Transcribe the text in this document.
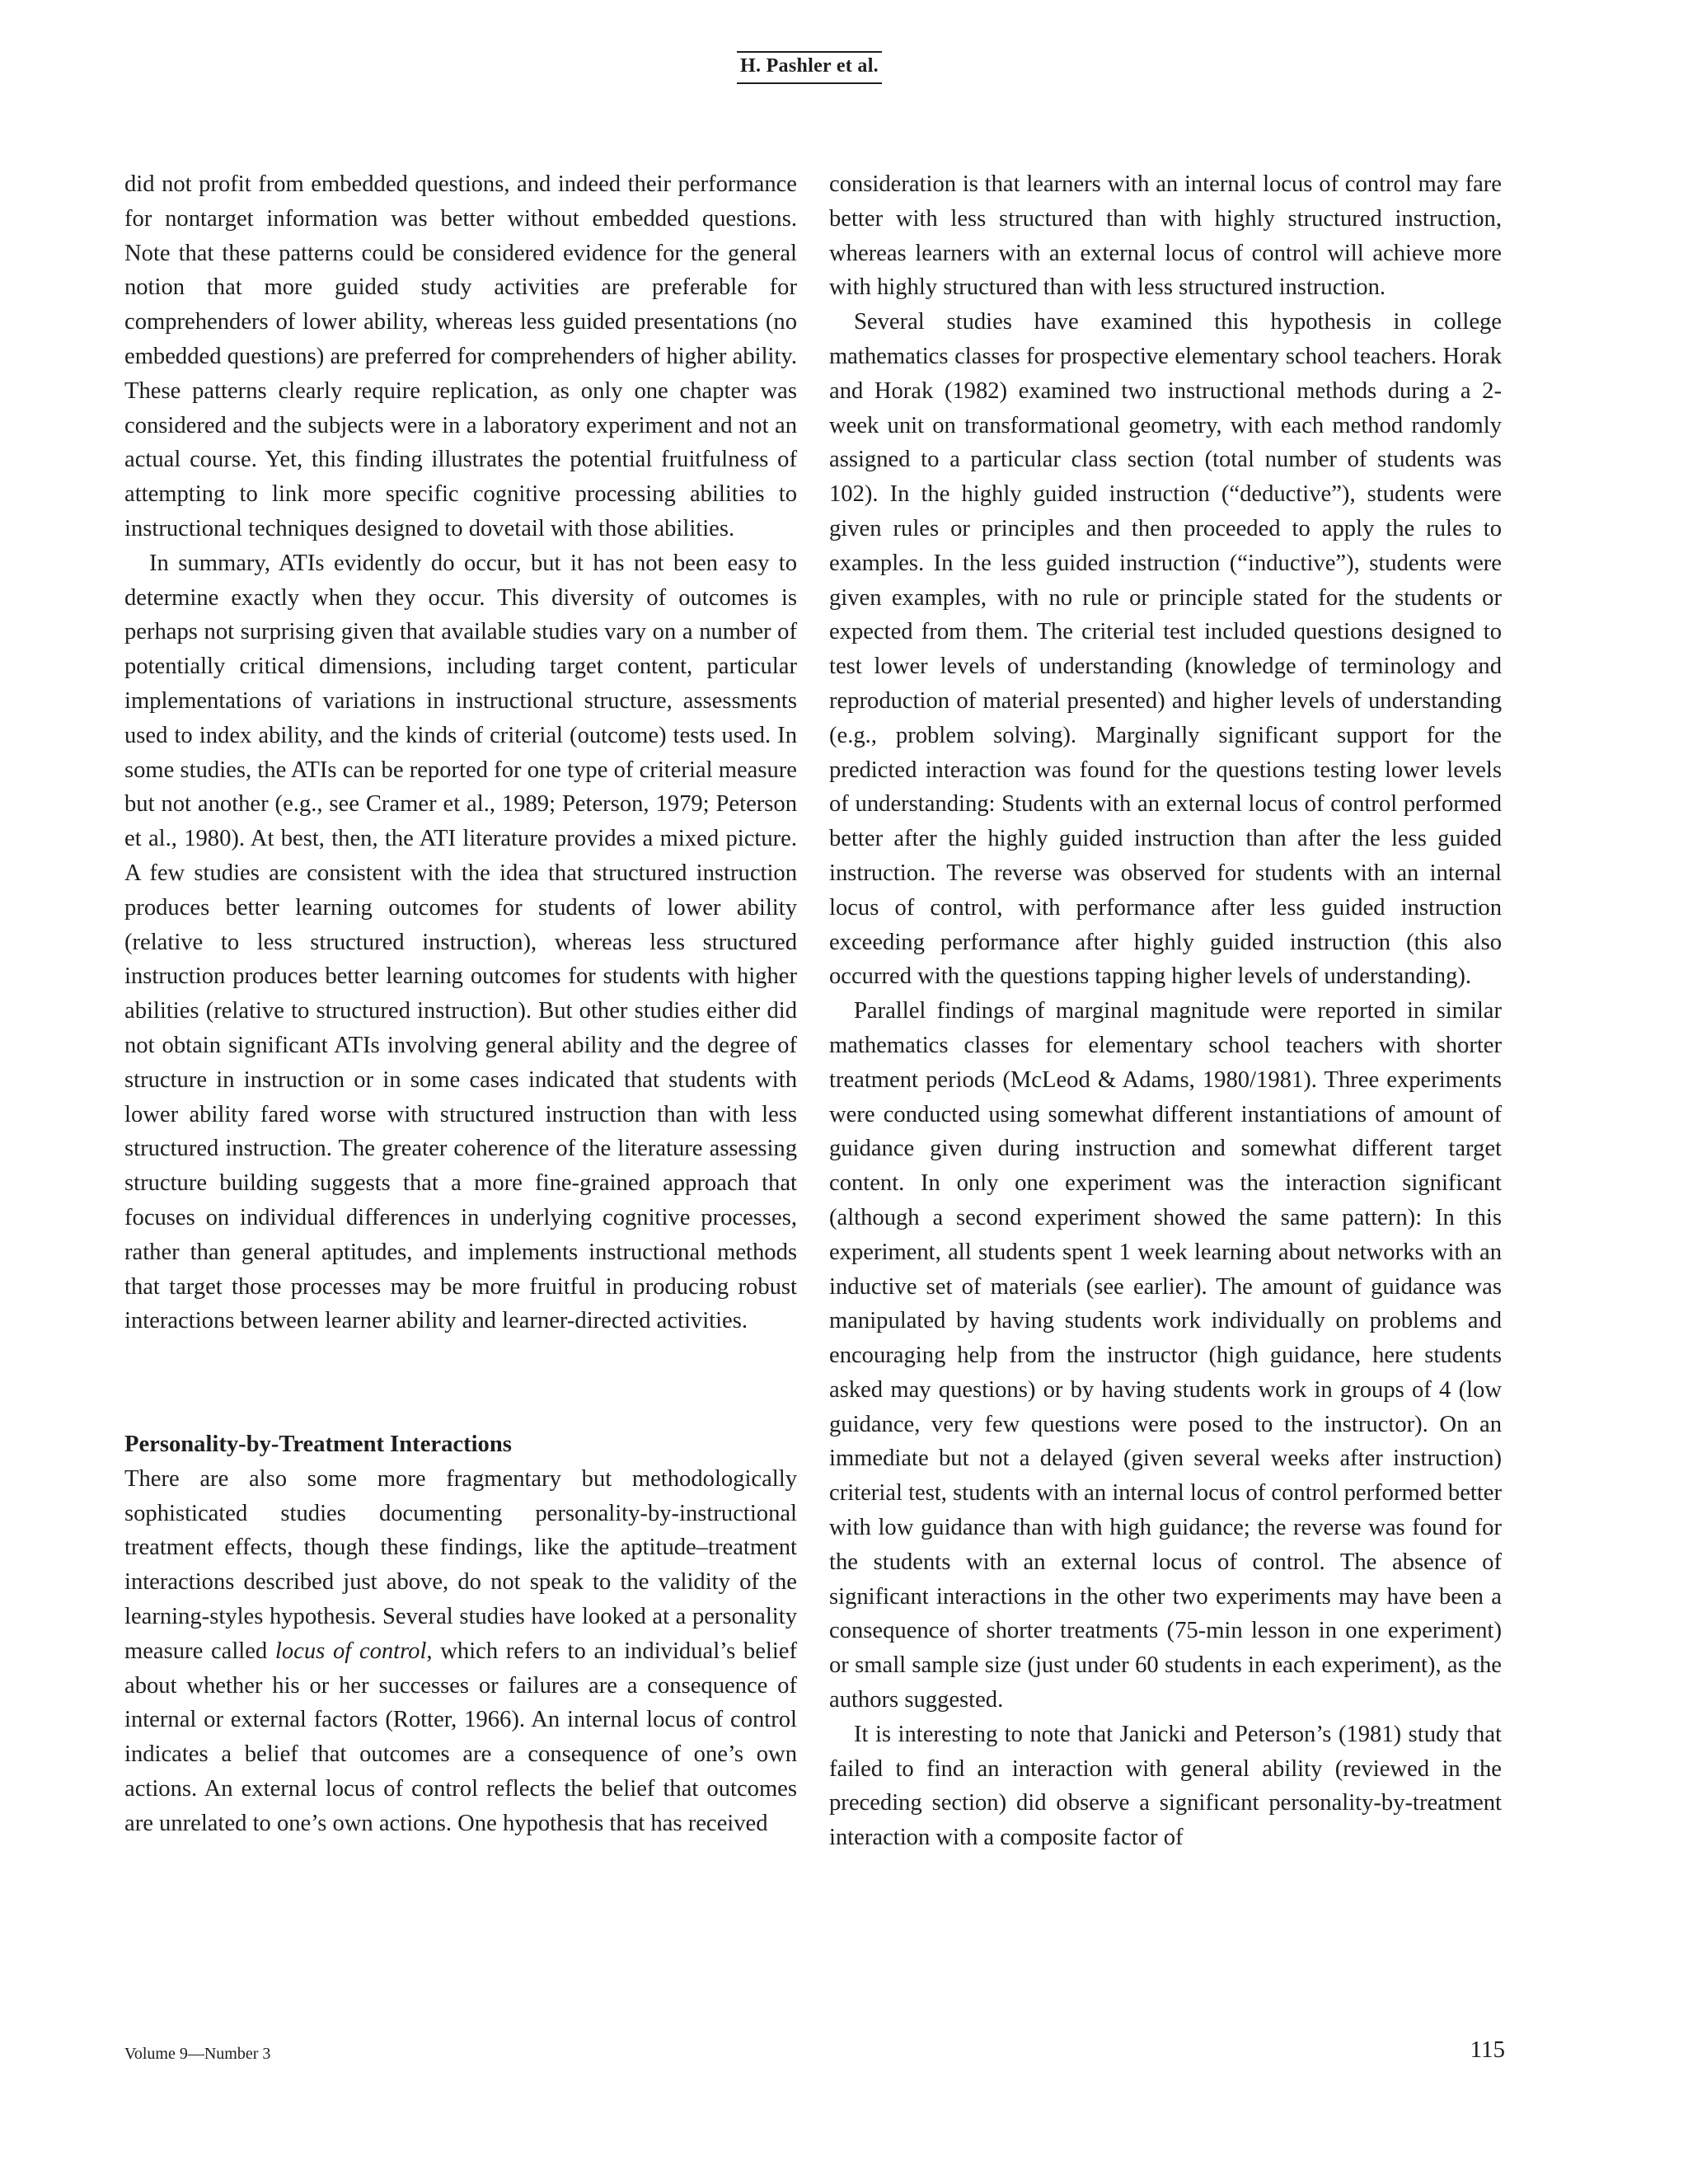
H. Pashler et al.

did not profit from embedded questions, and indeed their performance for nontarget information was better without embedded questions. Note that these patterns could be considered evidence for the general notion that more guided study activities are preferable for comprehenders of lower ability, whereas less guided presentations (no embedded questions) are preferred for comprehenders of higher ability. These patterns clearly require replication, as only one chapter was considered and the subjects were in a laboratory experiment and not an actual course. Yet, this finding illustrates the potential fruitfulness of attempting to link more specific cognitive processing abilities to instructional techniques designed to dovetail with those abilities.

In summary, ATIs evidently do occur, but it has not been easy to determine exactly when they occur. This diversity of outcomes is perhaps not surprising given that available studies vary on a number of potentially critical dimensions, including target content, particular implementations of variations in instructional structure, assessments used to index ability, and the kinds of criterial (outcome) tests used. In some studies, the ATIs can be reported for one type of criterial measure but not another (e.g., see Cramer et al., 1989; Peterson, 1979; Peterson et al., 1980). At best, then, the ATI literature provides a mixed picture. A few studies are consistent with the idea that structured instruction produces better learning outcomes for students of lower ability (relative to less structured instruction), whereas less structured instruction produces better learning outcomes for students with higher abilities (relative to structured instruction). But other studies either did not obtain significant ATIs involving general ability and the degree of structure in instruction or in some cases indicated that students with lower ability fared worse with structured instruction than with less structured instruction. The greater coherence of the literature assessing structure building suggests that a more fine-grained approach that focuses on individual differences in underlying cognitive processes, rather than general aptitudes, and implements instructional methods that target those processes may be more fruitful in producing robust interactions between learner ability and learner-directed activities.

Personality-by-Treatment Interactions

There are also some more fragmentary but methodologically sophisticated studies documenting personality-by-instructional treatment effects, though these findings, like the aptitude–treatment interactions described just above, do not speak to the validity of the learning-styles hypothesis. Several studies have looked at a personality measure called locus of control, which refers to an individual’s belief about whether his or her successes or failures are a consequence of internal or external factors (Rotter, 1966). An internal locus of control indicates a belief that outcomes are a consequence of one’s own actions. An external locus of control reflects the belief that outcomes are unrelated to one’s own actions. One hypothesis that has received

consideration is that learners with an internal locus of control may fare better with less structured than with highly structured instruction, whereas learners with an external locus of control will achieve more with highly structured than with less structured instruction.

Several studies have examined this hypothesis in college mathematics classes for prospective elementary school teachers. Horak and Horak (1982) examined two instructional methods during a 2-week unit on transformational geometry, with each method randomly assigned to a particular class section (total number of students was 102). In the highly guided instruction (“deductive”), students were given rules or principles and then proceeded to apply the rules to examples. In the less guided instruction (“inductive”), students were given examples, with no rule or principle stated for the students or expected from them. The criterial test included questions designed to test lower levels of understanding (knowledge of terminology and reproduction of material presented) and higher levels of understanding (e.g., problem solving). Marginally significant support for the predicted interaction was found for the questions testing lower levels of understanding: Students with an external locus of control performed better after the highly guided instruction than after the less guided instruction. The reverse was observed for students with an internal locus of control, with performance after less guided instruction exceeding performance after highly guided instruction (this also occurred with the questions tapping higher levels of understanding).

Parallel findings of marginal magnitude were reported in similar mathematics classes for elementary school teachers with shorter treatment periods (McLeod & Adams, 1980/1981). Three experiments were conducted using somewhat different instantiations of amount of guidance given during instruction and somewhat different target content. In only one experiment was the interaction significant (although a second experiment showed the same pattern): In this experiment, all students spent 1 week learning about networks with an inductive set of materials (see earlier). The amount of guidance was manipulated by having students work individually on problems and encouraging help from the instructor (high guidance, here students asked may questions) or by having students work in groups of 4 (low guidance, very few questions were posed to the instructor). On an immediate but not a delayed (given several weeks after instruction) criterial test, students with an internal locus of control performed better with low guidance than with high guidance; the reverse was found for the students with an external locus of control. The absence of significant interactions in the other two experiments may have been a consequence of shorter treatments (75-min lesson in one experiment) or small sample size (just under 60 students in each experiment), as the authors suggested.

It is interesting to note that Janicki and Peterson’s (1981) study that failed to find an interaction with general ability (reviewed in the preceding section) did observe a significant personality-by-treatment interaction with a composite factor of

Volume 9—Number 3	115
